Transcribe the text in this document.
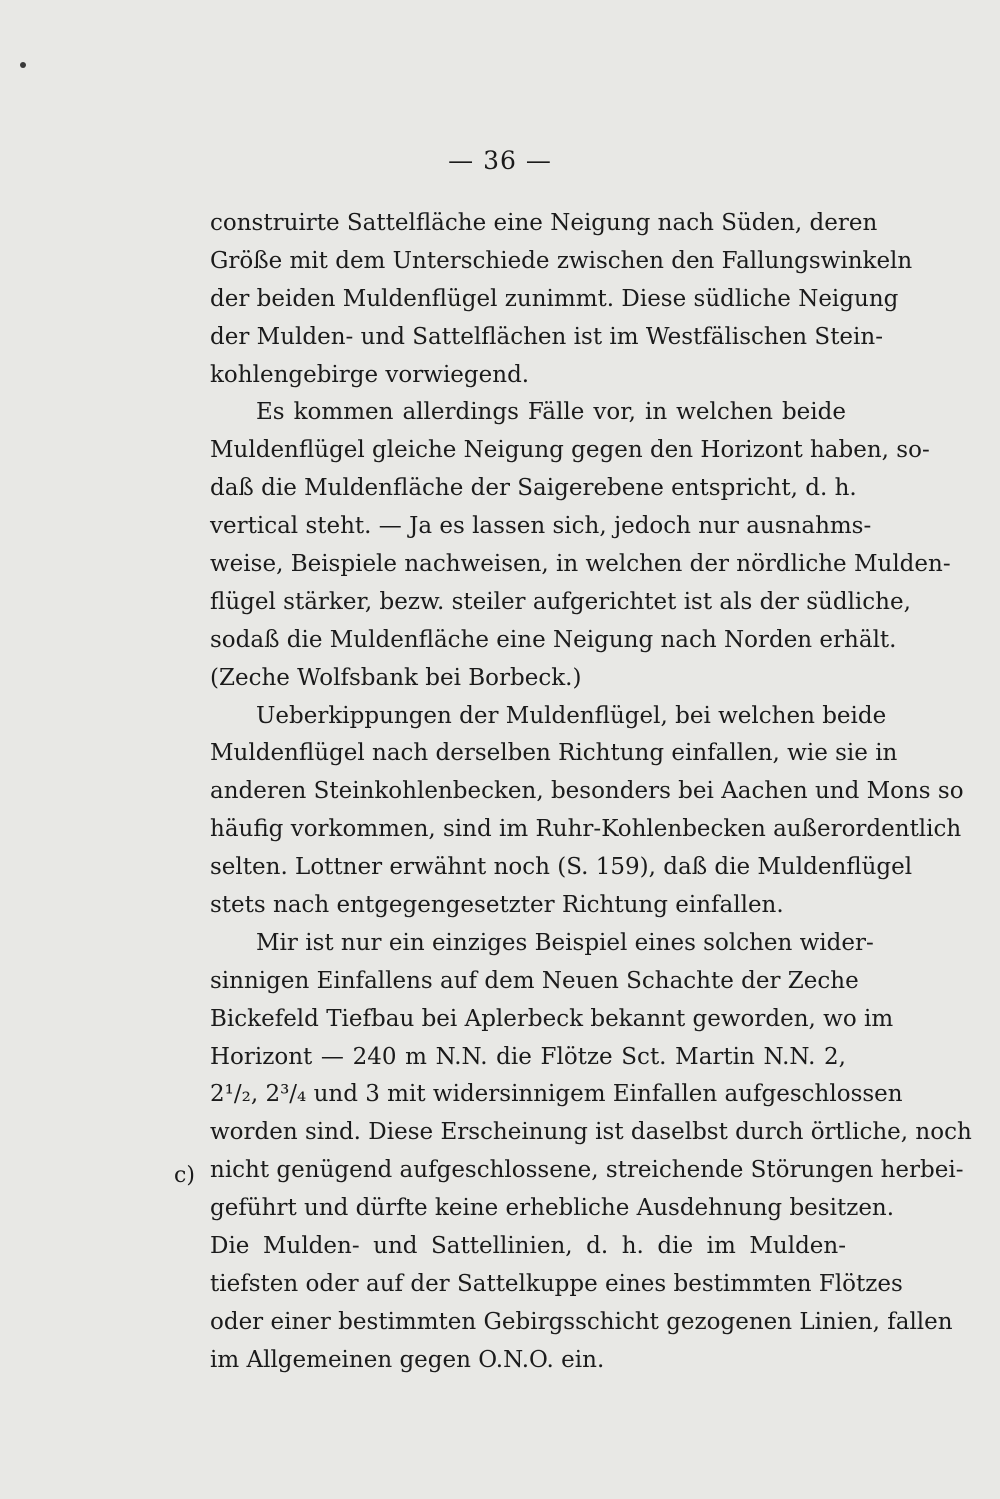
— 36 —
c)
construirte Sattelfläche eine Neigung nach Süden, deren
Größe mit dem Unterschiede zwischen den Fallungswinkeln
der beiden Muldenflügel zunimmt. Diese südliche Neigung
der Mulden- und Sattelflächen ist im Westfälischen Stein-
kohlengebirge vorwiegend.
Es kommen allerdings Fälle vor, in welchen beide
Muldenflügel gleiche Neigung gegen den Horizont haben, so-
daß die Muldenfläche der Saigerebene entspricht, d. h.
vertical steht. — Ja es lassen sich, jedoch nur ausnahms-
weise, Beispiele nachweisen, in welchen der nördliche Mulden-
flügel stärker, bezw. steiler aufgerichtet ist als der südliche,
sodaß die Muldenfläche eine Neigung nach Norden erhält.
(Zeche Wolfsbank bei Borbeck.)
Ueberkippungen der Muldenflügel, bei welchen beide
Muldenflügel nach derselben Richtung einfallen, wie sie in
anderen Steinkohlenbecken, besonders bei Aachen und Mons so
häufig vorkommen, sind im Ruhr-Kohlenbecken außerordentlich
selten. Lottner erwähnt noch (S. 159), daß die Muldenflügel
stets nach entgegengesetzter Richtung einfallen.
Mir ist nur ein einziges Beispiel eines solchen wider-
sinnigen Einfallens auf dem Neuen Schachte der Zeche
Bickefeld Tiefbau bei Aplerbeck bekannt geworden, wo im
Horizont — 240 m N.N. die Flötze Sct. Martin N.N. 2,
2¹/₂, 2³/₄ und 3 mit widersinnigem Einfallen aufgeschlossen
worden sind. Diese Erscheinung ist daselbst durch örtliche, noch
nicht genügend aufgeschlossene, streichende Störungen herbei-
geführt und dürfte keine erhebliche Ausdehnung besitzen.
Die Mulden- und Sattellinien, d. h. die im Mulden-
tiefsten oder auf der Sattelkuppe eines bestimmten Flötzes
oder einer bestimmten Gebirgsschicht gezogenen Linien, fallen
im Allgemeinen gegen O.N.O. ein.
